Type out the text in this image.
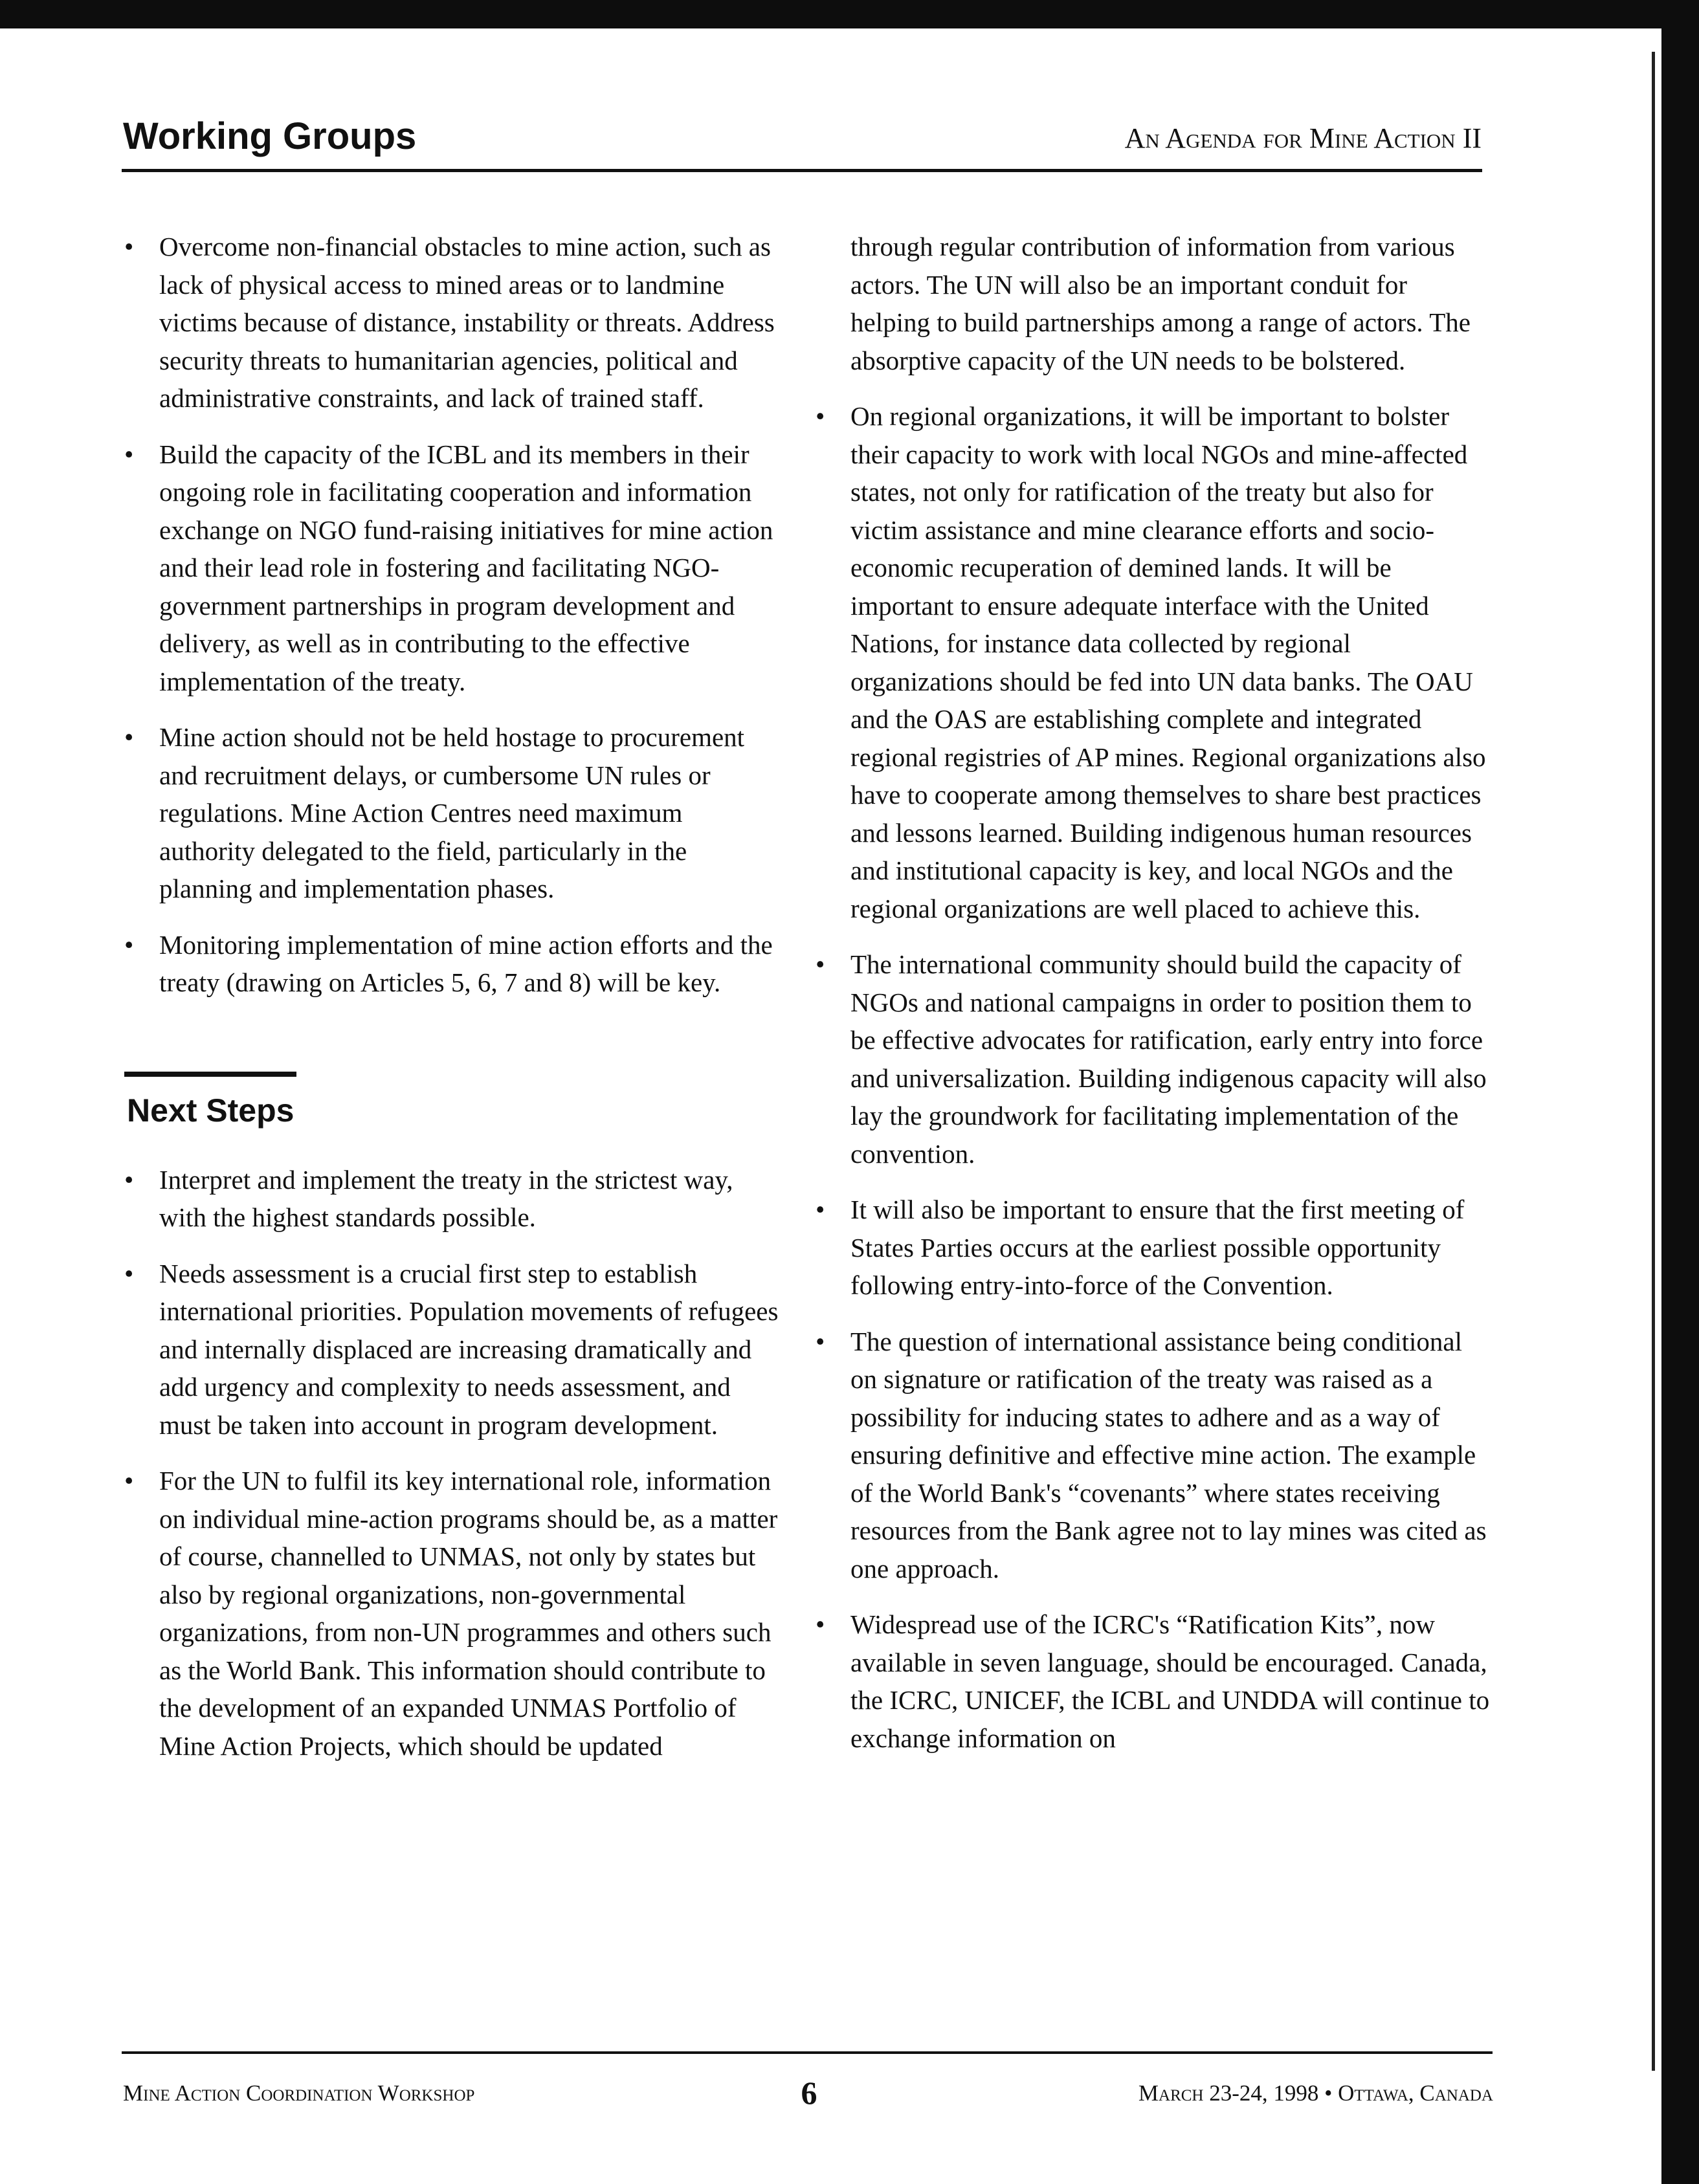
Working Groups	An Agenda for Mine Action II
• Overcome non-financial obstacles to mine action, such as lack of physical access to mined areas or to landmine victims because of distance, instability or threats. Address security threats to humanitarian agencies, political and administrative constraints, and lack of trained staff.
• Build the capacity of the ICBL and its members in their ongoing role in facilitating cooperation and information exchange on NGO fund-raising initiatives for mine action and their lead role in fostering and facilitating NGO-government partnerships in program development and delivery, as well as in contributing to the effective implementation of the treaty.
• Mine action should not be held hostage to procurement and recruitment delays, or cumbersome UN rules or regulations. Mine Action Centres need maximum authority delegated to the field, particularly in the planning and implementation phases.
• Monitoring implementation of mine action efforts and the treaty (drawing on Articles 5, 6, 7 and 8) will be key.
Next Steps
• Interpret and implement the treaty in the strictest way, with the highest standards possible.
• Needs assessment is a crucial first step to establish international priorities. Population movements of refugees and internally displaced are increasing dramatically and add urgency and complexity to needs assessment, and must be taken into account in program development.
• For the UN to fulfil its key international role, information on individual mine-action programs should be, as a matter of course, channelled to UNMAS, not only by states but also by regional organizations, non-governmental organizations, from non-UN programmes and others such as the World Bank. This information should contribute to the development of an expanded UNMAS Portfolio of Mine Action Projects, which should be updated

through regular contribution of information from various actors. The UN will also be an important conduit for helping to build partnerships among a range of actors. The absorptive capacity of the UN needs to be bolstered.

• On regional organizations, it will be important to bolster their capacity to work with local NGOs and mine-affected states, not only for ratification of the treaty but also for victim assistance and mine clearance efforts and socio-economic recuperation of demined lands. It will be important to ensure adequate interface with the United Nations, for instance data collected by regional organizations should be fed into UN data banks. The OAU and the OAS are establishing complete and integrated regional registries of AP mines. Regional organizations also have to cooperate among themselves to share best practices and lessons learned. Building indigenous human resources and institutional capacity is key, and local NGOs and the regional organizations are well placed to achieve this.
• The international community should build the capacity of NGOs and national campaigns in order to position them to be effective advocates for ratification, early entry into force and universalization. Building indigenous capacity will also lay the groundwork for facilitating implementation of the convention.
• It will also be important to ensure that the first meeting of States Parties occurs at the earliest possible opportunity following entry-into-force of the Convention.
• The question of international assistance being conditional on signature or ratification of the treaty was raised as a possibility for inducing states to adhere and as a way of ensuring definitive and effective mine action. The example of the World Bank's “covenants” where states receiving resources from the Bank agree not to lay mines was cited as one approach.
• Widespread use of the ICRC's “Ratification Kits”, now available in seven language, should be encouraged. Canada, the ICRC, UNICEF, the ICBL and UNDDA will continue to exchange information on
Mine Action Coordination Workshop	6	March 23-24, 1998 • Ottawa, Canada
